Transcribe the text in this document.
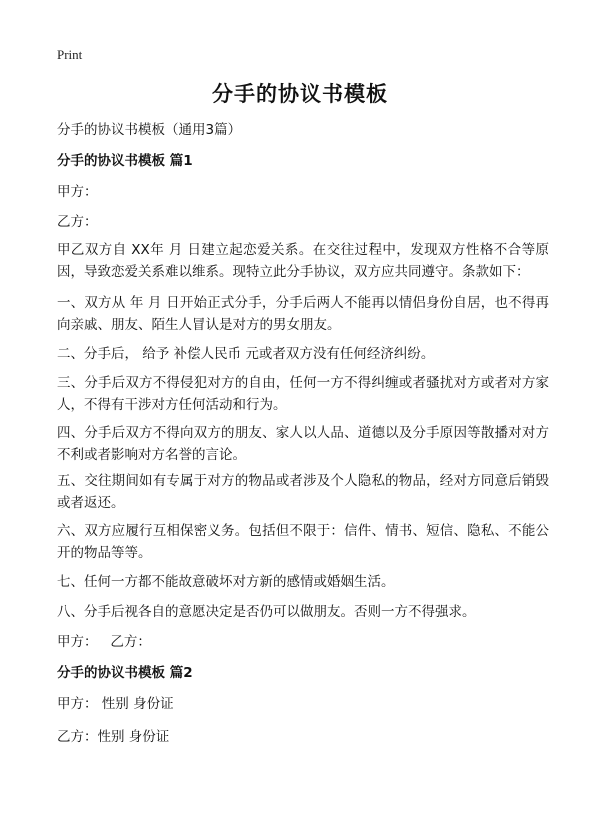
Print
分手的协议书模板
分手的协议书模板（通用3篇）
分手的协议书模板 篇1
甲方：
乙方：
甲乙双方自 XX年 月 日建立起恋爱关系。在交往过程中，发现双方性格不合等原因，导致恋爱关系难以维系。现特立此分手协议，双方应共同遵守。条款如下：
一、双方从 年 月 日开始正式分手，分手后两人不能再以情侣身份自居，也不得再向亲戚、朋友、陌生人冒认是对方的男女朋友。
二、分手后， 给予 补偿人民币 元或者双方没有任何经济纠纷。
三、分手后双方不得侵犯对方的自由，任何一方不得纠缠或者骚扰对方或者对方家人，不得有干涉对方任何活动和行为。
四、分手后双方不得向双方的朋友、家人以人品、道德以及分手原因等散播对对方不利或者影响对方名誉的言论。
五、交往期间如有专属于对方的物品或者涉及个人隐私的物品，经对方同意后销毁或者返还。
六、双方应履行互相保密义务。包括但不限于：信件、情书、短信、隐私、不能公开的物品等等。
七、任何一方都不能故意破坏对方新的感情或婚姻生活。
八、分手后视各自的意愿决定是否仍可以做朋友。否则一方不得强求。
甲方：   乙方：
分手的协议书模板 篇2
甲方： 性别 身份证
乙方：性别 身份证
